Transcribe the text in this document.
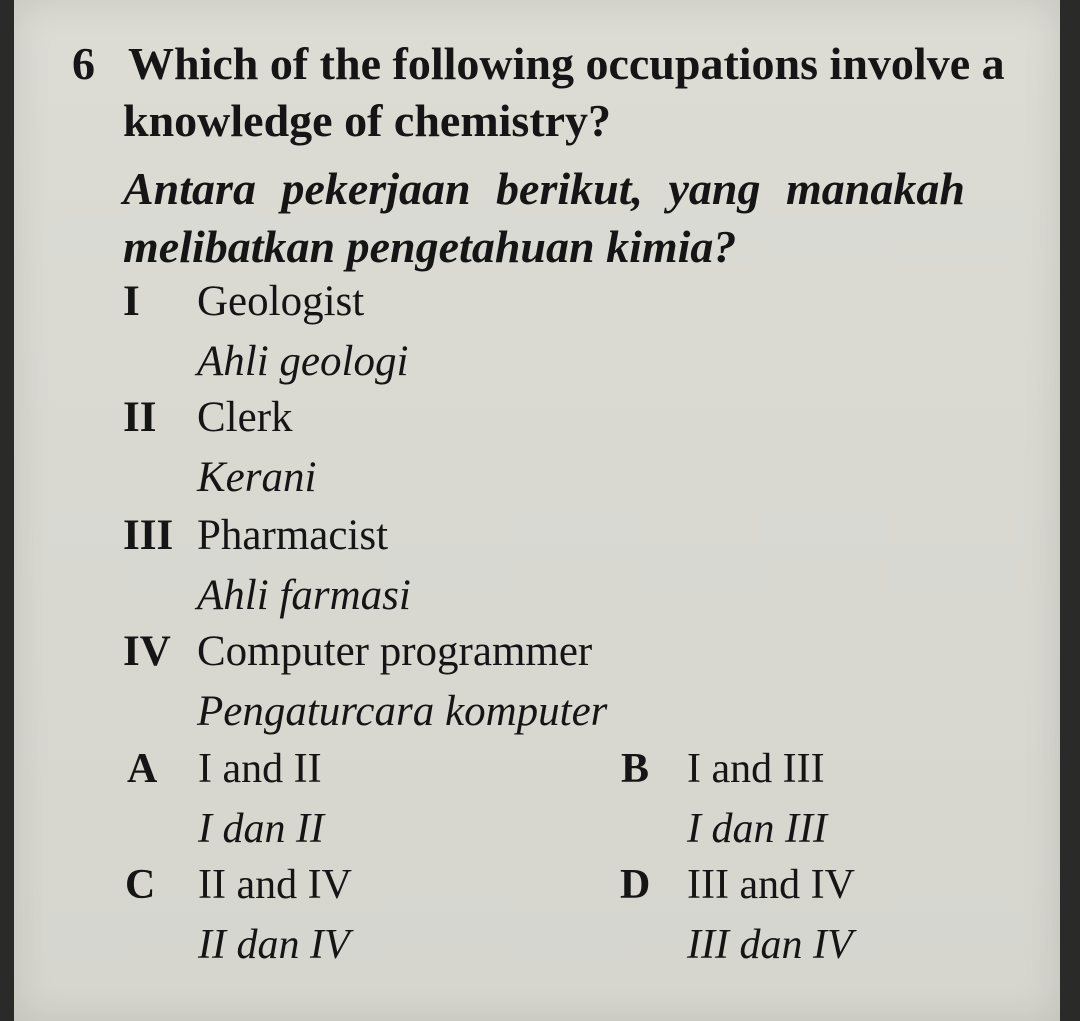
6 Which of the following occupations involve a
knowledge of chemistry?
Antara pekerjaan berikut, yang manakah
melibatkan pengetahuan kimia?
I Geologist
Ahli geologi
II Clerk
Kerani
III Pharmacist
Ahli farmasi
IV Computer programmer
Pengaturcara komputer
A I and II
I dan II
B I and III
I dan III
C II and IV
II dan IV
D III and IV
III dan IV
